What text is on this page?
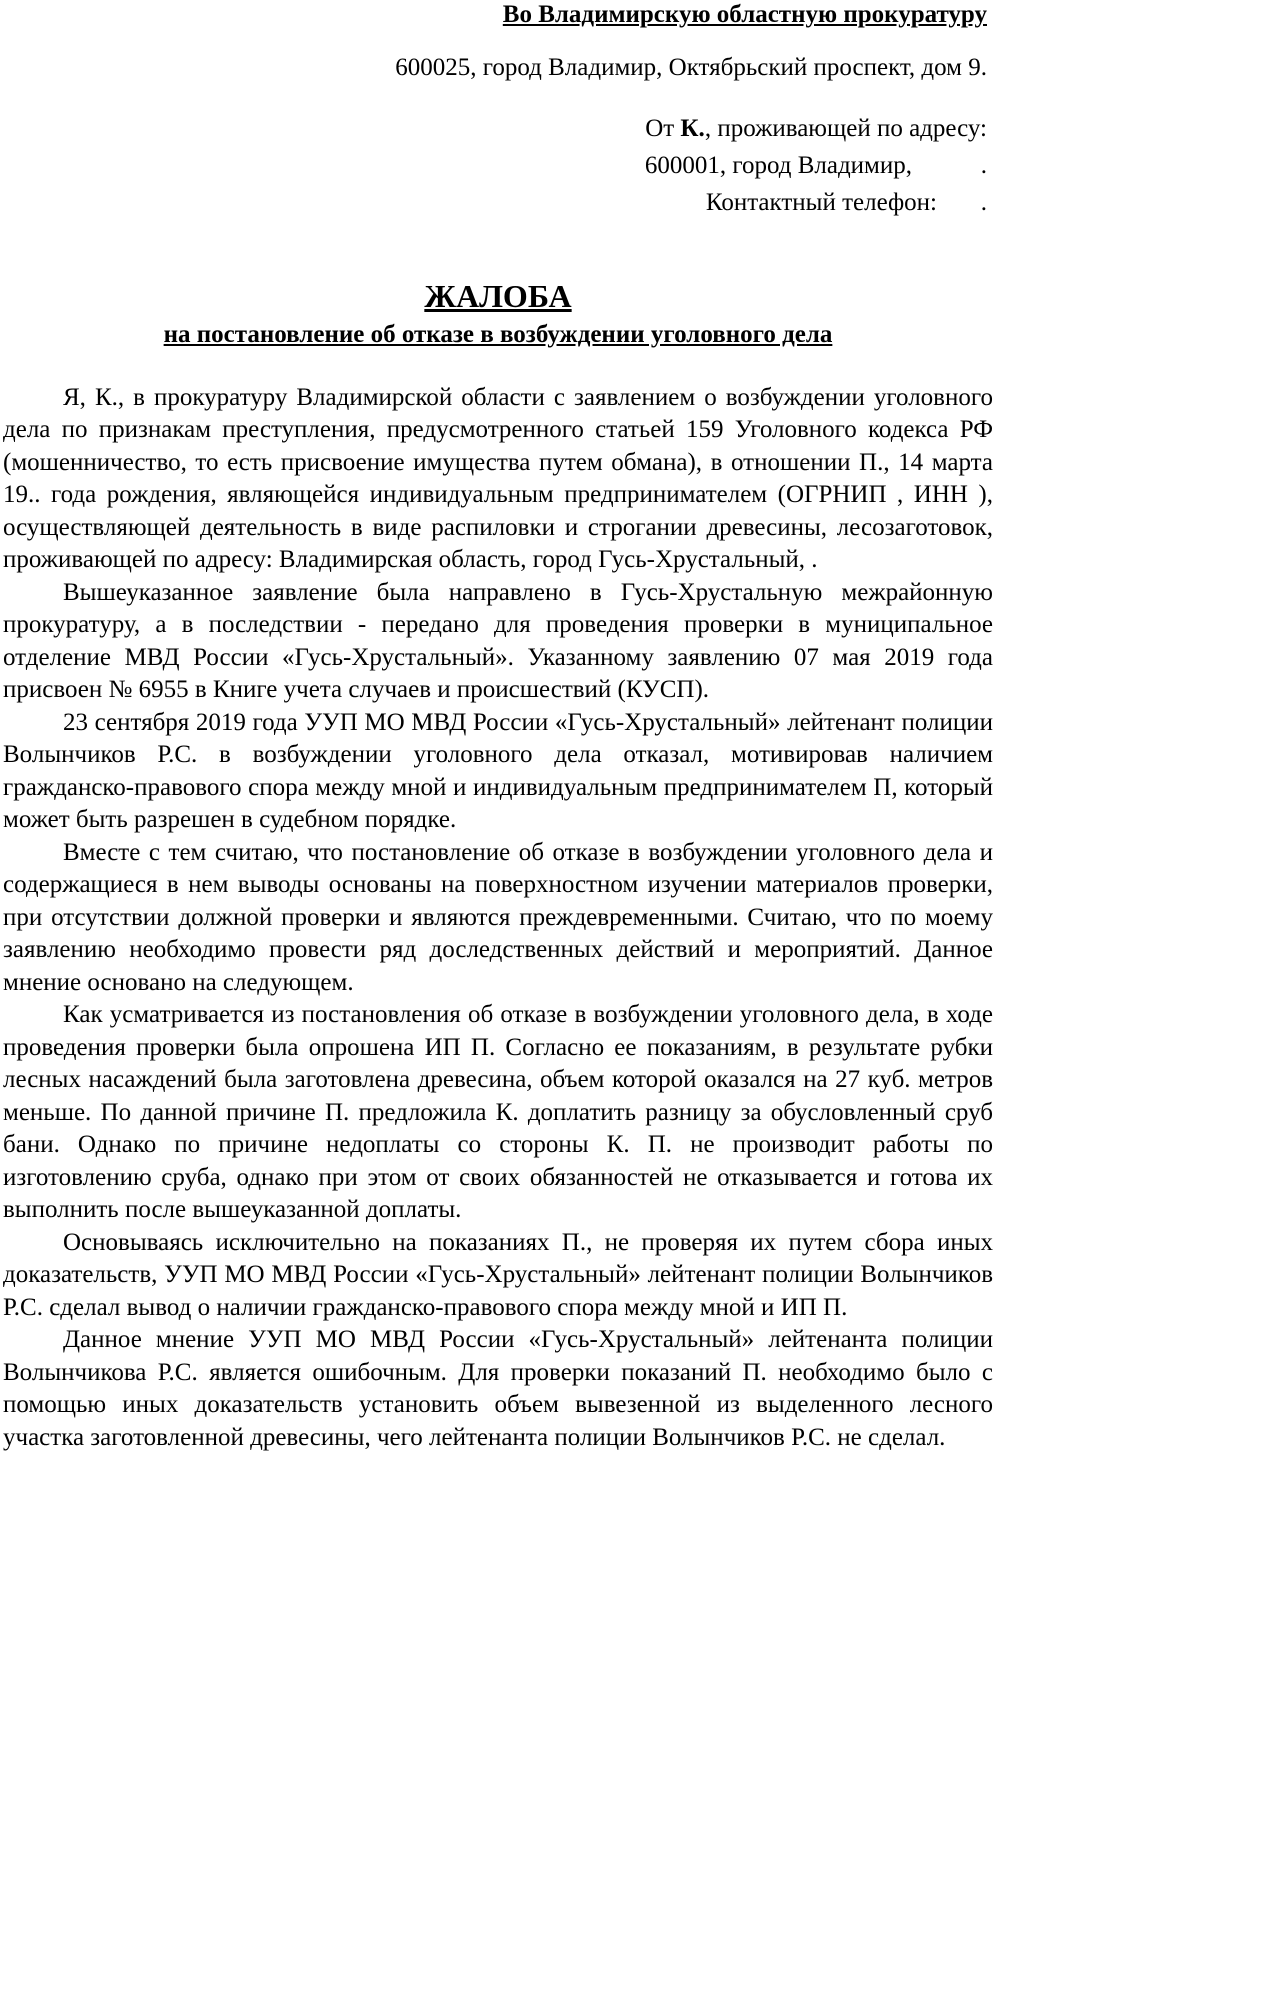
Во Владимирскую областную прокуратуру
600025, город Владимир, Октябрьский проспект, дом 9.
От К., проживающей по адресу:
600001, город Владимир,           .
Контактный телефон:       .
ЖАЛОБА
на постановление об отказе в возбуждении уголовного дела

Я, К., в прокуратуру Владимирской области с заявлением о возбуждении уголовного дела по признакам преступления, предусмотренного статьей 159 Уголовного кодекса РФ (мошенничество, то есть присвоение имущества путем обмана), в отношении П., 14 марта 19.. года рождения, являющейся индивидуальным предпринимателем (ОГРНИП , ИНН ), осуществляющей деятельность в виде распиловки и строгании древесины, лесозаготовок, проживающей по адресу: Владимирская область, город Гусь-Хрустальный, .

Вышеуказанное заявление была направлено в Гусь-Хрустальную межрайонную прокуратуру, а в последствии - передано для проведения проверки в муниципальное отделение МВД России «Гусь-Хрустальный». Указанному заявлению 07 мая 2019 года присвоен № 6955 в Книге учета случаев и происшествий (КУСП).

23 сентября 2019 года УУП МО МВД России «Гусь-Хрустальный» лейтенант полиции Волынчиков Р.С. в возбуждении уголовного дела отказал, мотивировав наличием гражданско-правового спора между мной и индивидуальным предпринимателем П, который может быть разрешен в судебном порядке.

Вместе с тем считаю, что постановление об отказе в возбуждении уголовного дела и содержащиеся в нем выводы основаны на поверхностном изучении материалов проверки, при отсутствии должной проверки и являются преждевременными. Считаю, что по моему заявлению необходимо провести ряд доследственных действий и мероприятий. Данное мнение основано на следующем.

Как усматривается из постановления об отказе в возбуждении уголовного дела, в ходе проведения проверки была опрошена ИП П. Согласно ее показаниям, в результате рубки лесных насаждений была заготовлена древесина, объем которой оказался на 27 куб. метров меньше. По данной причине П. предложила К. доплатить разницу за обусловленный сруб бани. Однако по причине недоплаты со стороны К. П. не производит работы по изготовлению сруба, однако при этом от своих обязанностей не отказывается и готова их выполнить после вышеуказанной доплаты.

Основываясь исключительно на показаниях П., не проверяя их путем сбора иных доказательств, УУП МО МВД России «Гусь-Хрустальный» лейтенант полиции Волынчиков Р.С. сделал вывод о наличии гражданско-правового спора между мной и ИП П.

Данное мнение УУП МО МВД России «Гусь-Хрустальный» лейтенанта полиции Волынчикова Р.С. является ошибочным. Для проверки показаний П. необходимо было с помощью иных доказательств установить объем вывезенной из выделенного лесного участка заготовленной древесины, чего лейтенанта полиции Волынчиков Р.С. не сделал.
